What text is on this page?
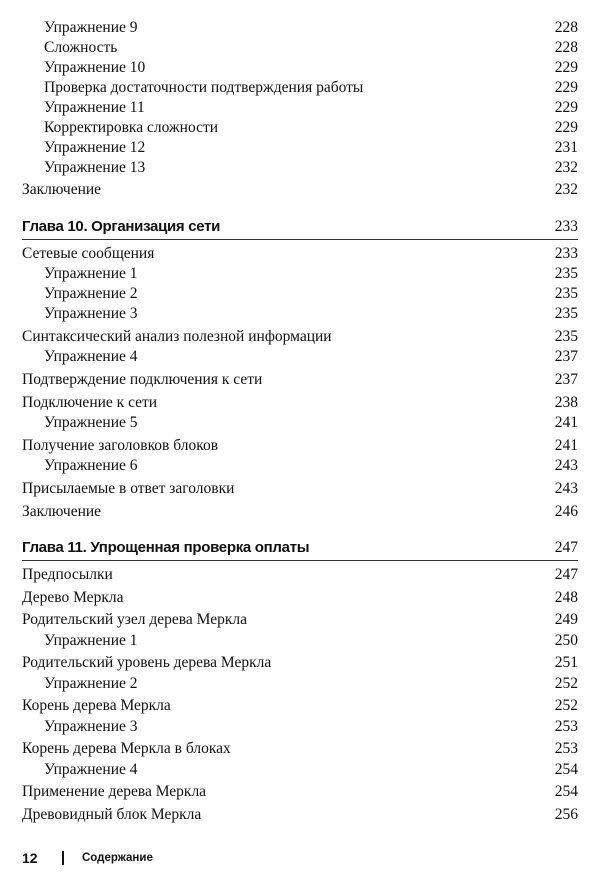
Упражнение 9	228
Сложность	228
Упражнение 10	229
Проверка достаточности подтверждения работы	229
Упражнение 11	229
Корректировка сложности	229
Упражнение 12	231
Упражнение 13	232
Заключение	232
Глава 10. Организация сети	233
Сетевые сообщения	233
Упражнение 1	235
Упражнение 2	235
Упражнение 3	235
Синтаксический анализ полезной информации	235
Упражнение 4	237
Подтверждение подключения к сети	237
Подключение к сети	238
Упражнение 5	241
Получение заголовков блоков	241
Упражнение 6	243
Присылаемые в ответ заголовки	243
Заключение	246
Глава 11. Упрощенная проверка оплаты	247
Предпосылки	247
Дерево Меркла	248
Родительский узел дерева Меркла	249
Упражнение 1	250
Родительский уровень дерева Меркла	251
Упражнение 2	252
Корень дерева Меркла	252
Упражнение 3	253
Корень дерева Меркла в блоках	253
Упражнение 4	254
Применение дерева Меркла	254
Древовидный блок Меркла	256
12	Содержание
